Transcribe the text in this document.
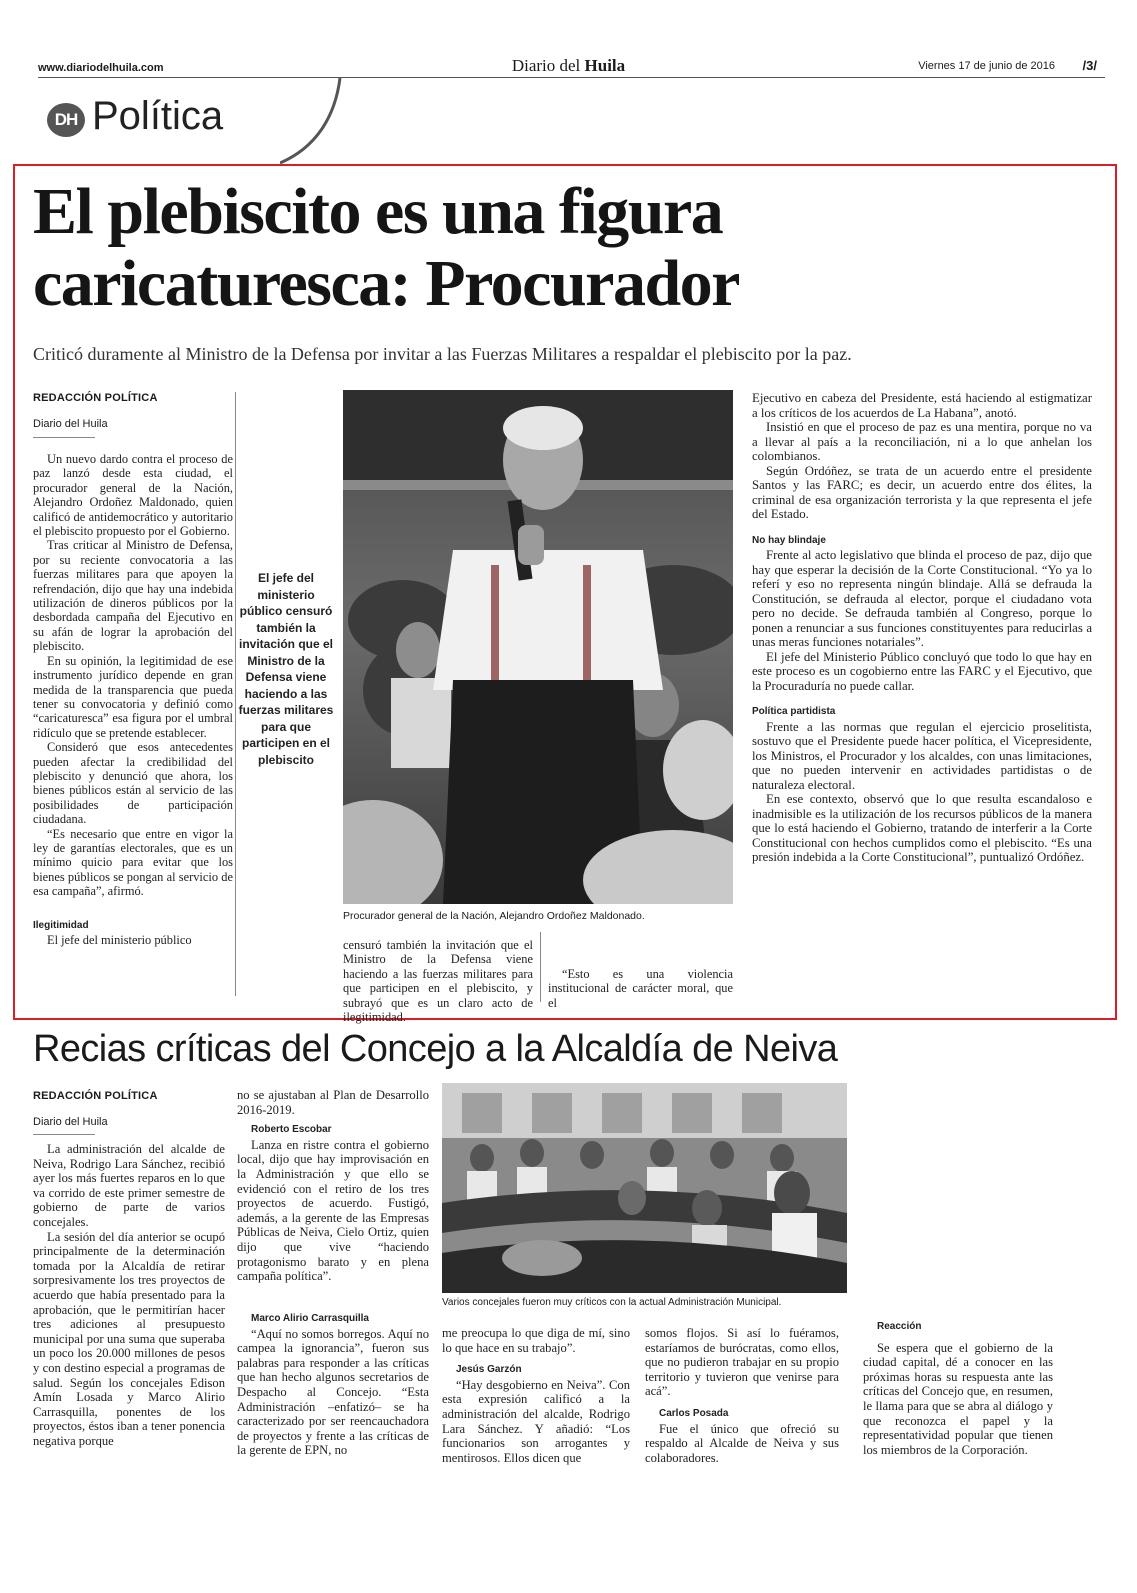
www.diariodelhuila.com	Diario del Huila	Viernes 17 de junio de 2016 /3/
DH Política
El plebiscito es una figura caricaturesca: Procurador
Criticó duramente al Ministro de la Defensa por invitar a las Fuerzas Militares a respaldar el plebiscito por la paz.
REDACCIÓN POLÍTICA
Diario del Huila

Un nuevo dardo contra el proceso de paz lanzó desde esta ciudad, el procurador general de la Nación, Alejandro Ordoñez Maldonado, quien calificó de antidemocrático y autoritario el plebiscito propuesto por el Gobierno.

Tras criticar al Ministro de Defensa, por su reciente convocatoria a las fuerzas militares para que apoyen la refrendación, dijo que hay una indebida utilización de dineros públicos por la desbordada campaña del Ejecutivo en su afán de lograr la aprobación del plebiscito.

En su opinión, la legitimidad de ese instrumento jurídico depende en gran medida de la transparencia que pueda tener su convocatoria y definió como “caricaturesca” esa figura por el umbral ridículo que se pretende establecer.

Consideró que esos antecedentes pueden afectar la credibilidad del plebiscito y denunció que ahora, los bienes públicos están al servicio de las posibilidades de participación ciudadana.

“Es necesario que entre en vigor la ley de garantías electorales, que es un mínimo quicio para evitar que los bienes públicos se pongan al servicio de esa campaña”, afirmó.

Ilegitimidad

El jefe del ministerio público

El jefe del ministerio público censuró también la invitación que el Ministro de la Defensa viene haciendo a las fuerzas militares para que participen en el plebiscito
Procurador general de la Nación, Alejandro Ordoñez Maldonado.

censuró también la invitación que el Ministro de la Defensa viene haciendo a las fuerzas militares para que participen en el plebiscito, y subrayó que es un claro acto de ilegitimidad.

“Esto es una violencia institucional de carácter moral, que el

Ejecutivo en cabeza del Presidente, está haciendo al estigmatizar a los críticos de los acuerdos de La Habana”, anotó.

Insistió en que el proceso de paz es una mentira, porque no va a llevar al país a la reconciliación, ni a lo que anhelan los colombianos.

Según Ordóñez, se trata de un acuerdo entre el presidente Santos y las FARC; es decir, un acuerdo entre dos élites, la criminal de esa organización terrorista y la que representa el jefe del Estado.

No hay blindaje

Frente al acto legislativo que blinda el proceso de paz, dijo que hay que esperar la decisión de la Corte Constitucional. “Yo ya lo referí y eso no representa ningún blindaje. Allá se defrauda la Constitución, se defrauda al elector, porque el ciudadano vota pero no decide. Se defrauda también al Congreso, porque lo ponen a renunciar a sus funciones constituyentes para reducirlas a unas meras funciones notariales”.

El jefe del Ministerio Público concluyó que todo lo que hay en este proceso es un cogobierno entre las FARC y el Ejecutivo, que la Procuraduría no puede callar.

Política partidista

Frente a las normas que regulan el ejercicio proselitista, sostuvo que el Presidente puede hacer política, el Vicepresidente, los Ministros, el Procurador y los alcaldes, con unas limitaciones, que no pueden intervenir en actividades partidistas o de naturaleza electoral.

En ese contexto, observó que lo que resulta escandaloso e inadmisible es la utilización de los recursos públicos de la manera que lo está haciendo el Gobierno, tratando de interferir a la Corte Constitucional con hechos cumplidos como el plebiscito. “Es una presión indebida a la Corte Constitucional”, puntualizó Ordóñez.

Recias críticas del Concejo a la Alcaldía de Neiva
REDACCIÓN POLÍTICA
Diario del Huila

La administración del alcalde de Neiva, Rodrigo Lara Sánchez, recibió ayer los más fuertes reparos en lo que va corrido de este primer semestre de gobierno de parte de varios concejales.

La sesión del día anterior se ocupó principalmente de la determinación tomada por la Alcaldía de retirar sorpresivamente los tres proyectos de acuerdo que había presentado para la aprobación, que le permitirían hacer tres adiciones al presupuesto municipal por una suma que superaba un poco los 20.000 millones de pesos y con destino especial a programas de salud. Según los concejales Edison Amín Losada y Marco Alirio Carrasquilla, ponentes de los proyectos, éstos iban a tener ponencia negativa porque

no se ajustaban al Plan de Desarrollo 2016-2019.

Roberto Escobar

Lanza en ristre contra el gobierno local, dijo que hay improvisación en la Administración y que ello se evidenció con el retiro de los tres proyectos de acuerdo. Fustigó, además, a la gerente de las Empresas Públicas de Neiva, Cielo Ortiz, quien dijo que vive “haciendo protagonismo barato y en plena campaña política”.

Varios concejales fueron muy críticos con la actual Administración Municipal.

Marco Alirio Carrasquilla

“Aquí no somos borregos. Aquí no campea la ignorancia”, fueron sus palabras para responder a las críticas que han hecho algunos secretarios de Despacho al Concejo. “Esta Administración –enfatizó– se ha caracterizado por ser reencauchadora de proyectos y frente a las críticas de la gerente de EPN, no

me preocupa lo que diga de mí, sino lo que hace en su trabajo”.

Jesús Garzón

“Hay desgobierno en Neiva”. Con esta expresión calificó a la administración del alcalde, Rodrigo Lara Sánchez. Y añadió: “Los funcionarios son arrogantes y mentirosos. Ellos dicen que

somos flojos. Si así lo fuéramos, estaríamos de burócratas, como ellos, que no pudieron trabajar en su propio territorio y tuvieron que venirse para acá”.

Carlos Posada

Fue el único que ofreció su respaldo al Alcalde de Neiva y sus colaboradores.

Reacción

Se espera que el gobierno de la ciudad capital, dé a conocer en las próximas horas su respuesta ante las críticas del Concejo que, en resumen, le llama para que se abra al diálogo y que reconozca el papel y la representatividad popular que tienen los miembros de la Corporación.
